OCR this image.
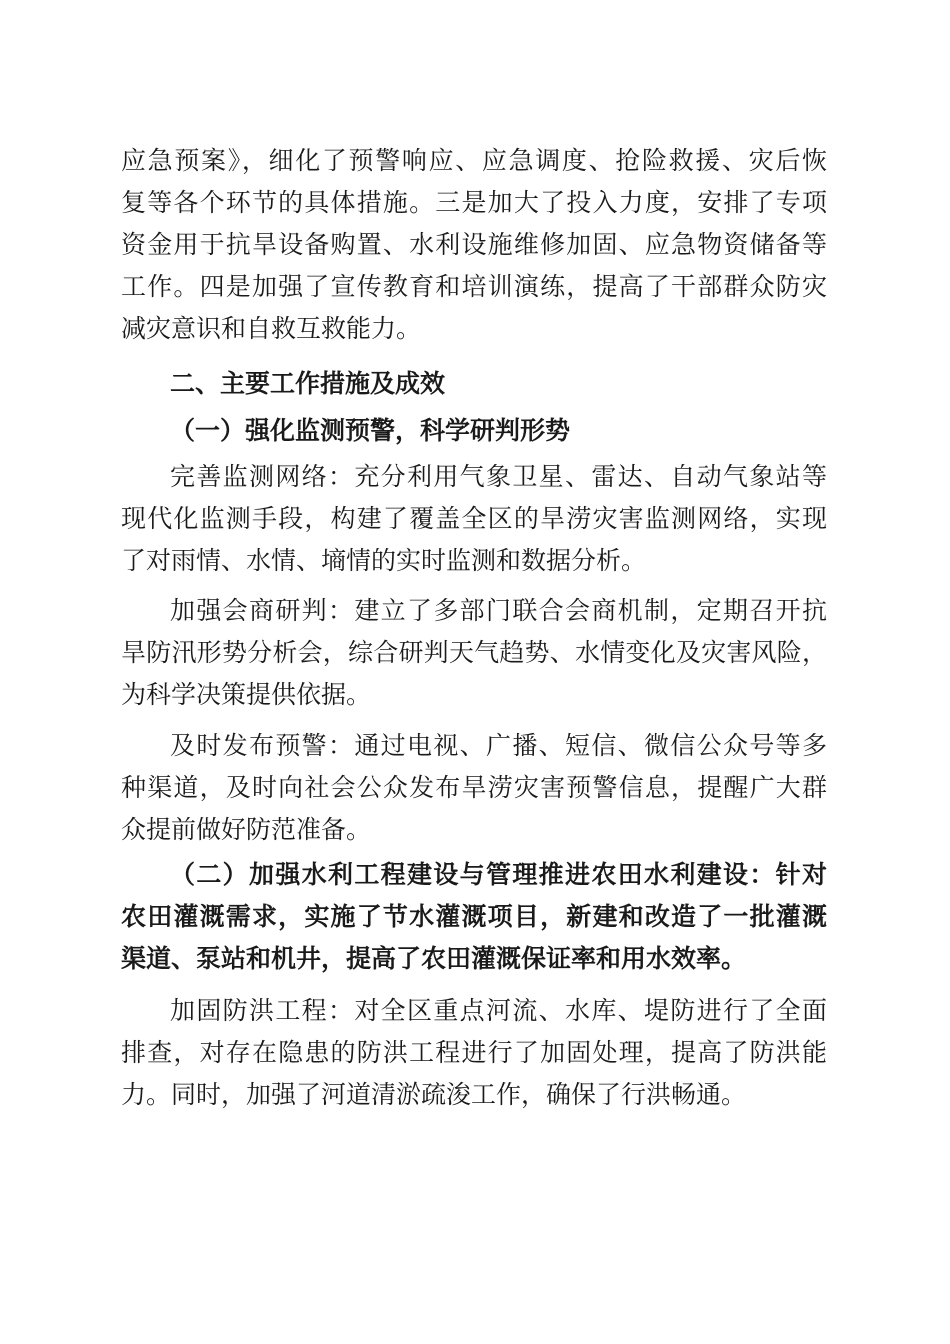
应急预案》，细化了预警响应、应急调度、抢险救援、灾后恢
复等各个环节的具体措施。三是加大了投入力度，安排了专项
资金用于抗旱设备购置、水利设施维修加固、应急物资储备等
工作。四是加强了宣传教育和培训演练，提高了干部群众防灾
减灾意识和自救互救能力。
二、主要工作措施及成效
（一）强化监测预警，科学研判形势
完善监测网络：充分利用气象卫星、雷达、自动气象站等
现代化监测手段，构建了覆盖全区的旱涝灾害监测网络，实现
了对雨情、水情、墒情的实时监测和数据分析。
加强会商研判：建立了多部门联合会商机制，定期召开抗
旱防汛形势分析会，综合研判天气趋势、水情变化及灾害风险，
为科学决策提供依据。
及时发布预警：通过电视、广播、短信、微信公众号等多
种渠道，及时向社会公众发布旱涝灾害预警信息，提醒广大群
众提前做好防范准备。
（二）加强水利工程建设与管理推进农田水利建设：针对
农田灌溉需求，实施了节水灌溉项目，新建和改造了一批灌溉
渠道、泵站和机井，提高了农田灌溉保证率和用水效率。
加固防洪工程：对全区重点河流、水库、堤防进行了全面
排查，对存在隐患的防洪工程进行了加固处理，提高了防洪能
力。同时，加强了河道清淤疏浚工作，确保了行洪畅通。
